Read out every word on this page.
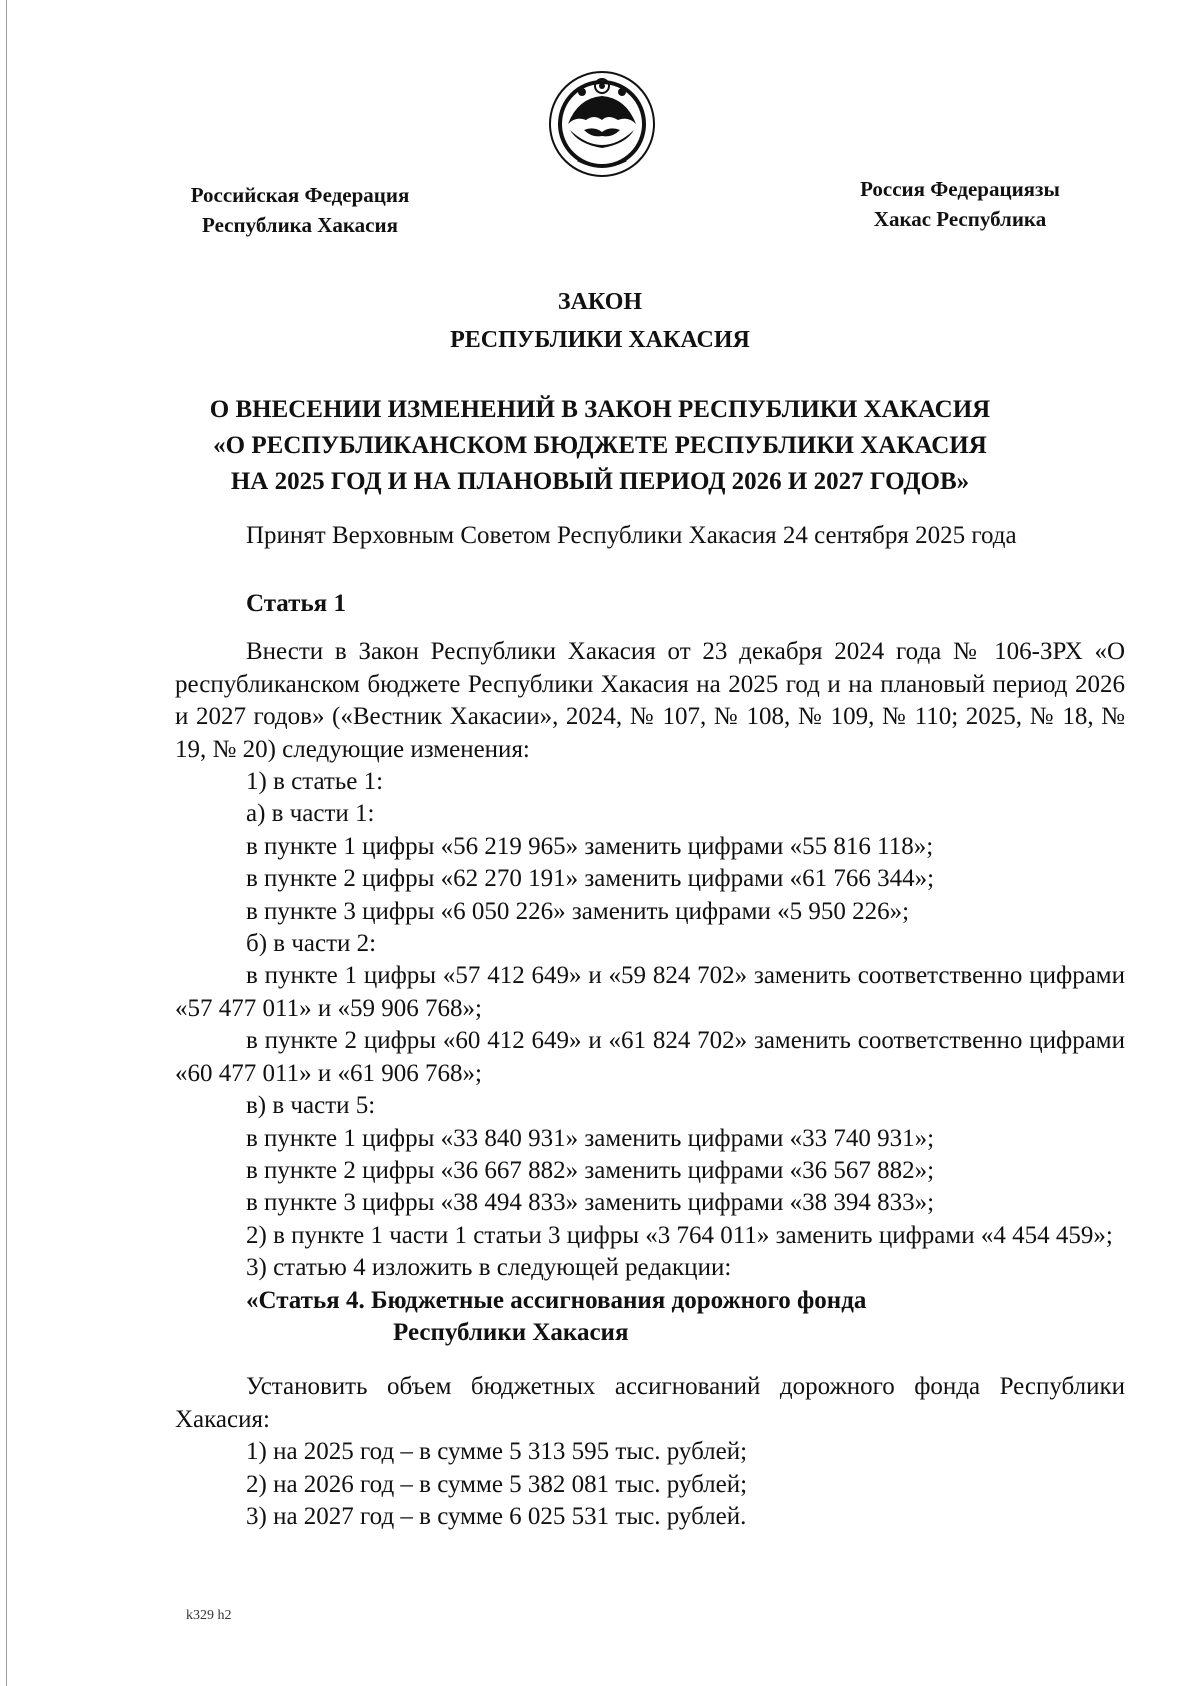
Российская Федерация
Республика Хакасия
Россия Федерациязы
Хакас Республика
ЗАКОН
РЕСПУБЛИКИ ХАКАСИЯ
О ВНЕСЕНИИ ИЗМЕНЕНИЙ В ЗАКОН РЕСПУБЛИКИ ХАКАСИЯ
«О РЕСПУБЛИКАНСКОМ БЮДЖЕТЕ РЕСПУБЛИКИ ХАКАСИЯ
НА 2025 ГОД И НА ПЛАНОВЫЙ ПЕРИОД 2026 И 2027 ГОДОВ»
Принят Верховным Советом Республики Хакасия 24 сентября 2025 года

Статья 1

Внести в Закон Республики Хакасия от 23 декабря 2024 года № 106-ЗРХ «О республиканском бюджете Республики Хакасия на 2025 год и на плановый период 2026 и 2027 годов» («Вестник Хакасии», 2024, № 107, № 108, № 109, № 110; 2025, № 18, № 19, № 20) следующие изменения:

1) в статье 1:

а) в части 1:

в пункте 1 цифры «56 219 965» заменить цифрами «55 816 118»;

в пункте 2 цифры «62 270 191» заменить цифрами «61 766 344»;

в пункте 3 цифры «6 050 226» заменить цифрами «5 950 226»;

б) в части 2:

в пункте 1 цифры «57 412 649» и «59 824 702» заменить соответственно цифрами «57 477 011» и «59 906 768»;

в пункте 2 цифры «60 412 649» и «61 824 702» заменить соответственно цифрами «60 477 011» и «61 906 768»;

в) в части 5:

в пункте 1 цифры «33 840 931» заменить цифрами «33 740 931»;

в пункте 2 цифры «36 667 882» заменить цифрами «36 567 882»;

в пункте 3 цифры «38 494 833» заменить цифрами «38 394 833»;

2) в пункте 1 части 1 статьи 3 цифры «3 764 011» заменить цифрами «4 454 459»;

3) статью 4 изложить в следующей редакции:

«Статья 4. Бюджетные ассигнования дорожного фонда

Республики Хакасия

Установить объем бюджетных ассигнований дорожного фонда Республики Хакасия:

1) на 2025 год – в сумме 5 313 595 тыс. рублей;

2) на 2026 год – в сумме 5 382 081 тыс. рублей;

3) на 2027 год – в сумме 6 025 531 тыс. рублей.

k329 h2
